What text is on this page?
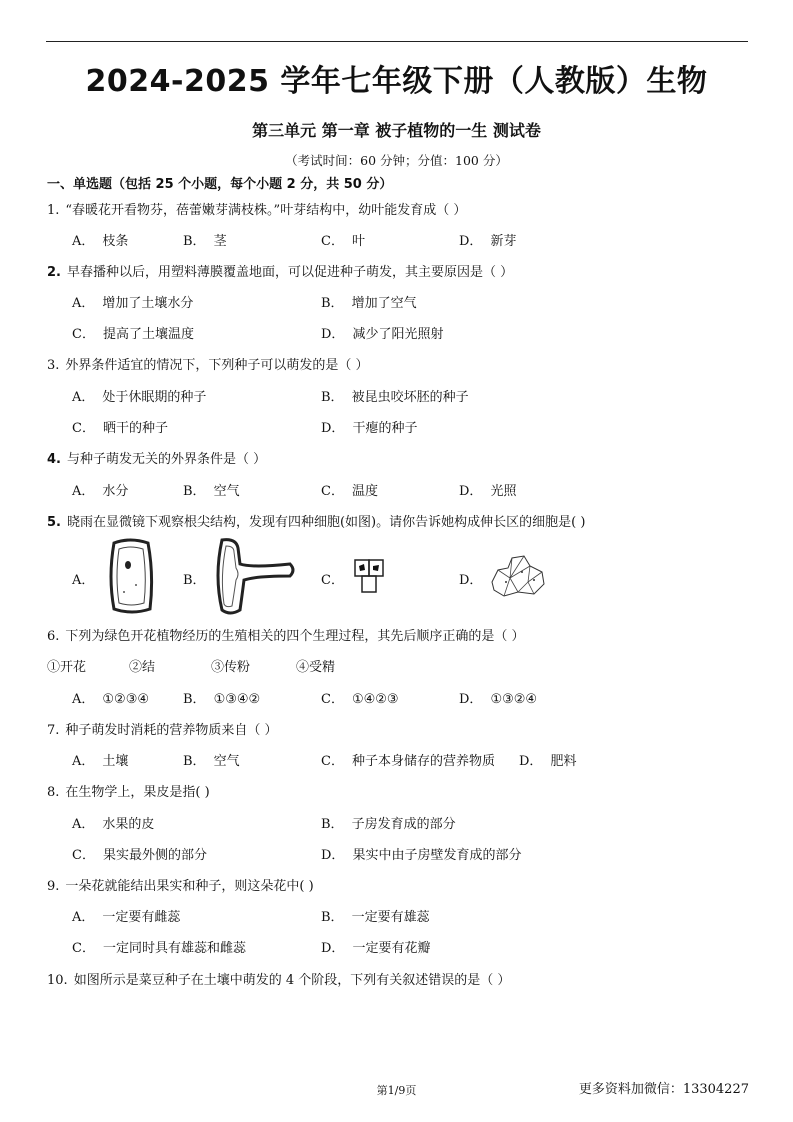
2024-2025 学年七年级下册（人教版）生物
第三单元 第一章 被子植物的一生 测试卷
（考试时间：60 分钟；分值：100 分）
一、单选题（包括 25 个小题，每个小题 2 分，共 50 分）
1. “春暖花开看物芬，蓓蕾嫩芽满枝株。”叶芽结构中，幼叶能发育成（ ）
A． 枝条	B． 茎	C． 叶	D． 新芽
2. 早春播种以后，用塑料薄膜覆盖地面，可以促进种子萌发，其主要原因是（ ）
A． 增加了土壤水分	B． 增加了空气
C． 提高了土壤温度	D． 减少了阳光照射
3. 外界条件适宜的情况下，下列种子可以萌发的是（ ）
A． 处于休眠期的种子	B． 被昆虫咬坏胚的种子
C． 晒干的种子	D． 干瘪的种子
4. 与种子萌发无关的外界条件是（ ）
A． 水分	B． 空气	C． 温度	D． 光照
5. 晓雨在显微镜下观察根尖结构，发现有四种细胞(如图)。请你告诉她构成伸长区的细胞是( )
A．	B．	C．	D．
6. 下列为绿色开花植物经历的生殖相关的四个生理过程，其先后顺序正确的是（ ）
①开花	②结	③传粉	④受精
A． ①②③④	B． ①③④②	C． ①④②③	D． ①③②④
7. 种子萌发时消耗的营养物质来自（ ）
A． 土壤	B． 空气	C． 种子本身储存的营养物质 D． 肥料
8. 在生物学上，果皮是指( )
A． 水果的皮	B． 子房发育成的部分
C． 果实最外侧的部分	D． 果实中由子房壁发育成的部分
9. 一朵花就能结出果实和种子，则这朵花中( )
A． 一定要有雌蕊	B． 一定要有雄蕊
C． 一定同时具有雄蕊和雌蕊	D． 一定要有花瓣
10. 如图所示是菜豆种子在土壤中萌发的 4 个阶段，下列有关叙述错误的是（ ）
第1/9页	更多资料加微信：13304227
